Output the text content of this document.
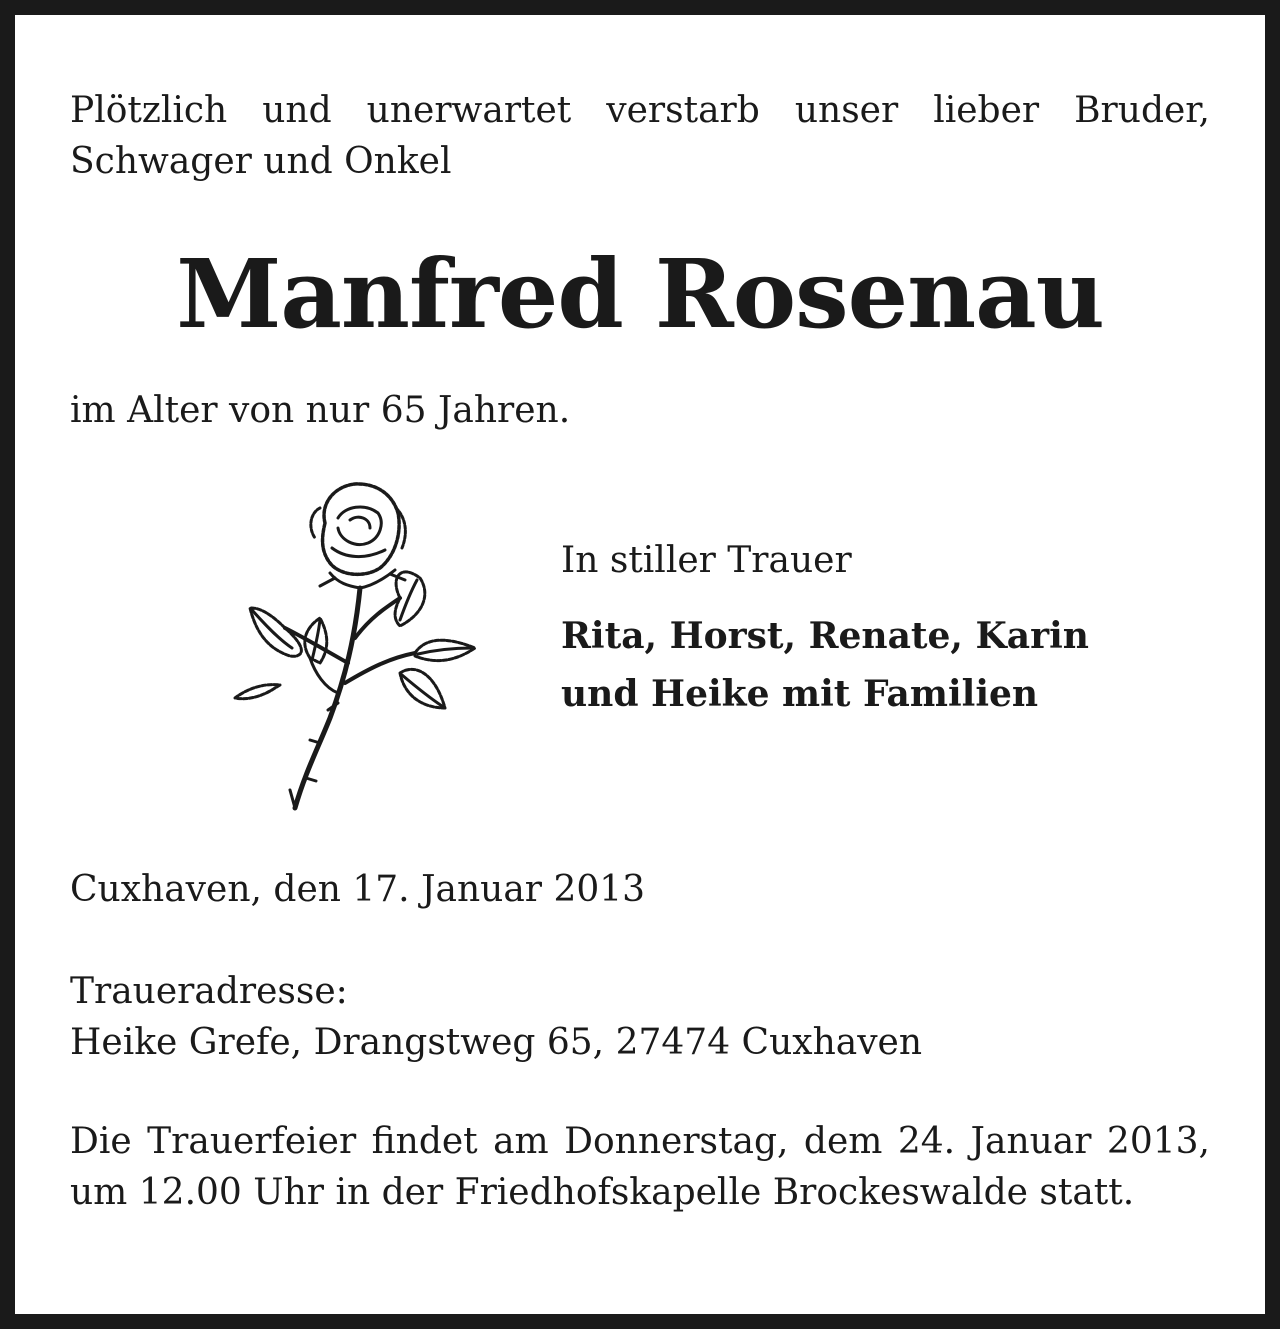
Plötzlich und unerwartet verstarb unser lieber Bruder, Schwager und Onkel
Manfred Rosenau
im Alter von nur 65 Jahren.
In stiller Trauer
Rita, Horst, Renate, Karin
und Heike mit Familien
Cuxhaven, den 17. Januar 2013
Traueradresse:
Heike Grefe, Drangstweg 65, 27474 Cuxhaven
Die Trauerfeier findet am Donnerstag, dem 24. Januar 2013, um 12.00 Uhr in der Friedhofskapelle Brockeswalde statt.
